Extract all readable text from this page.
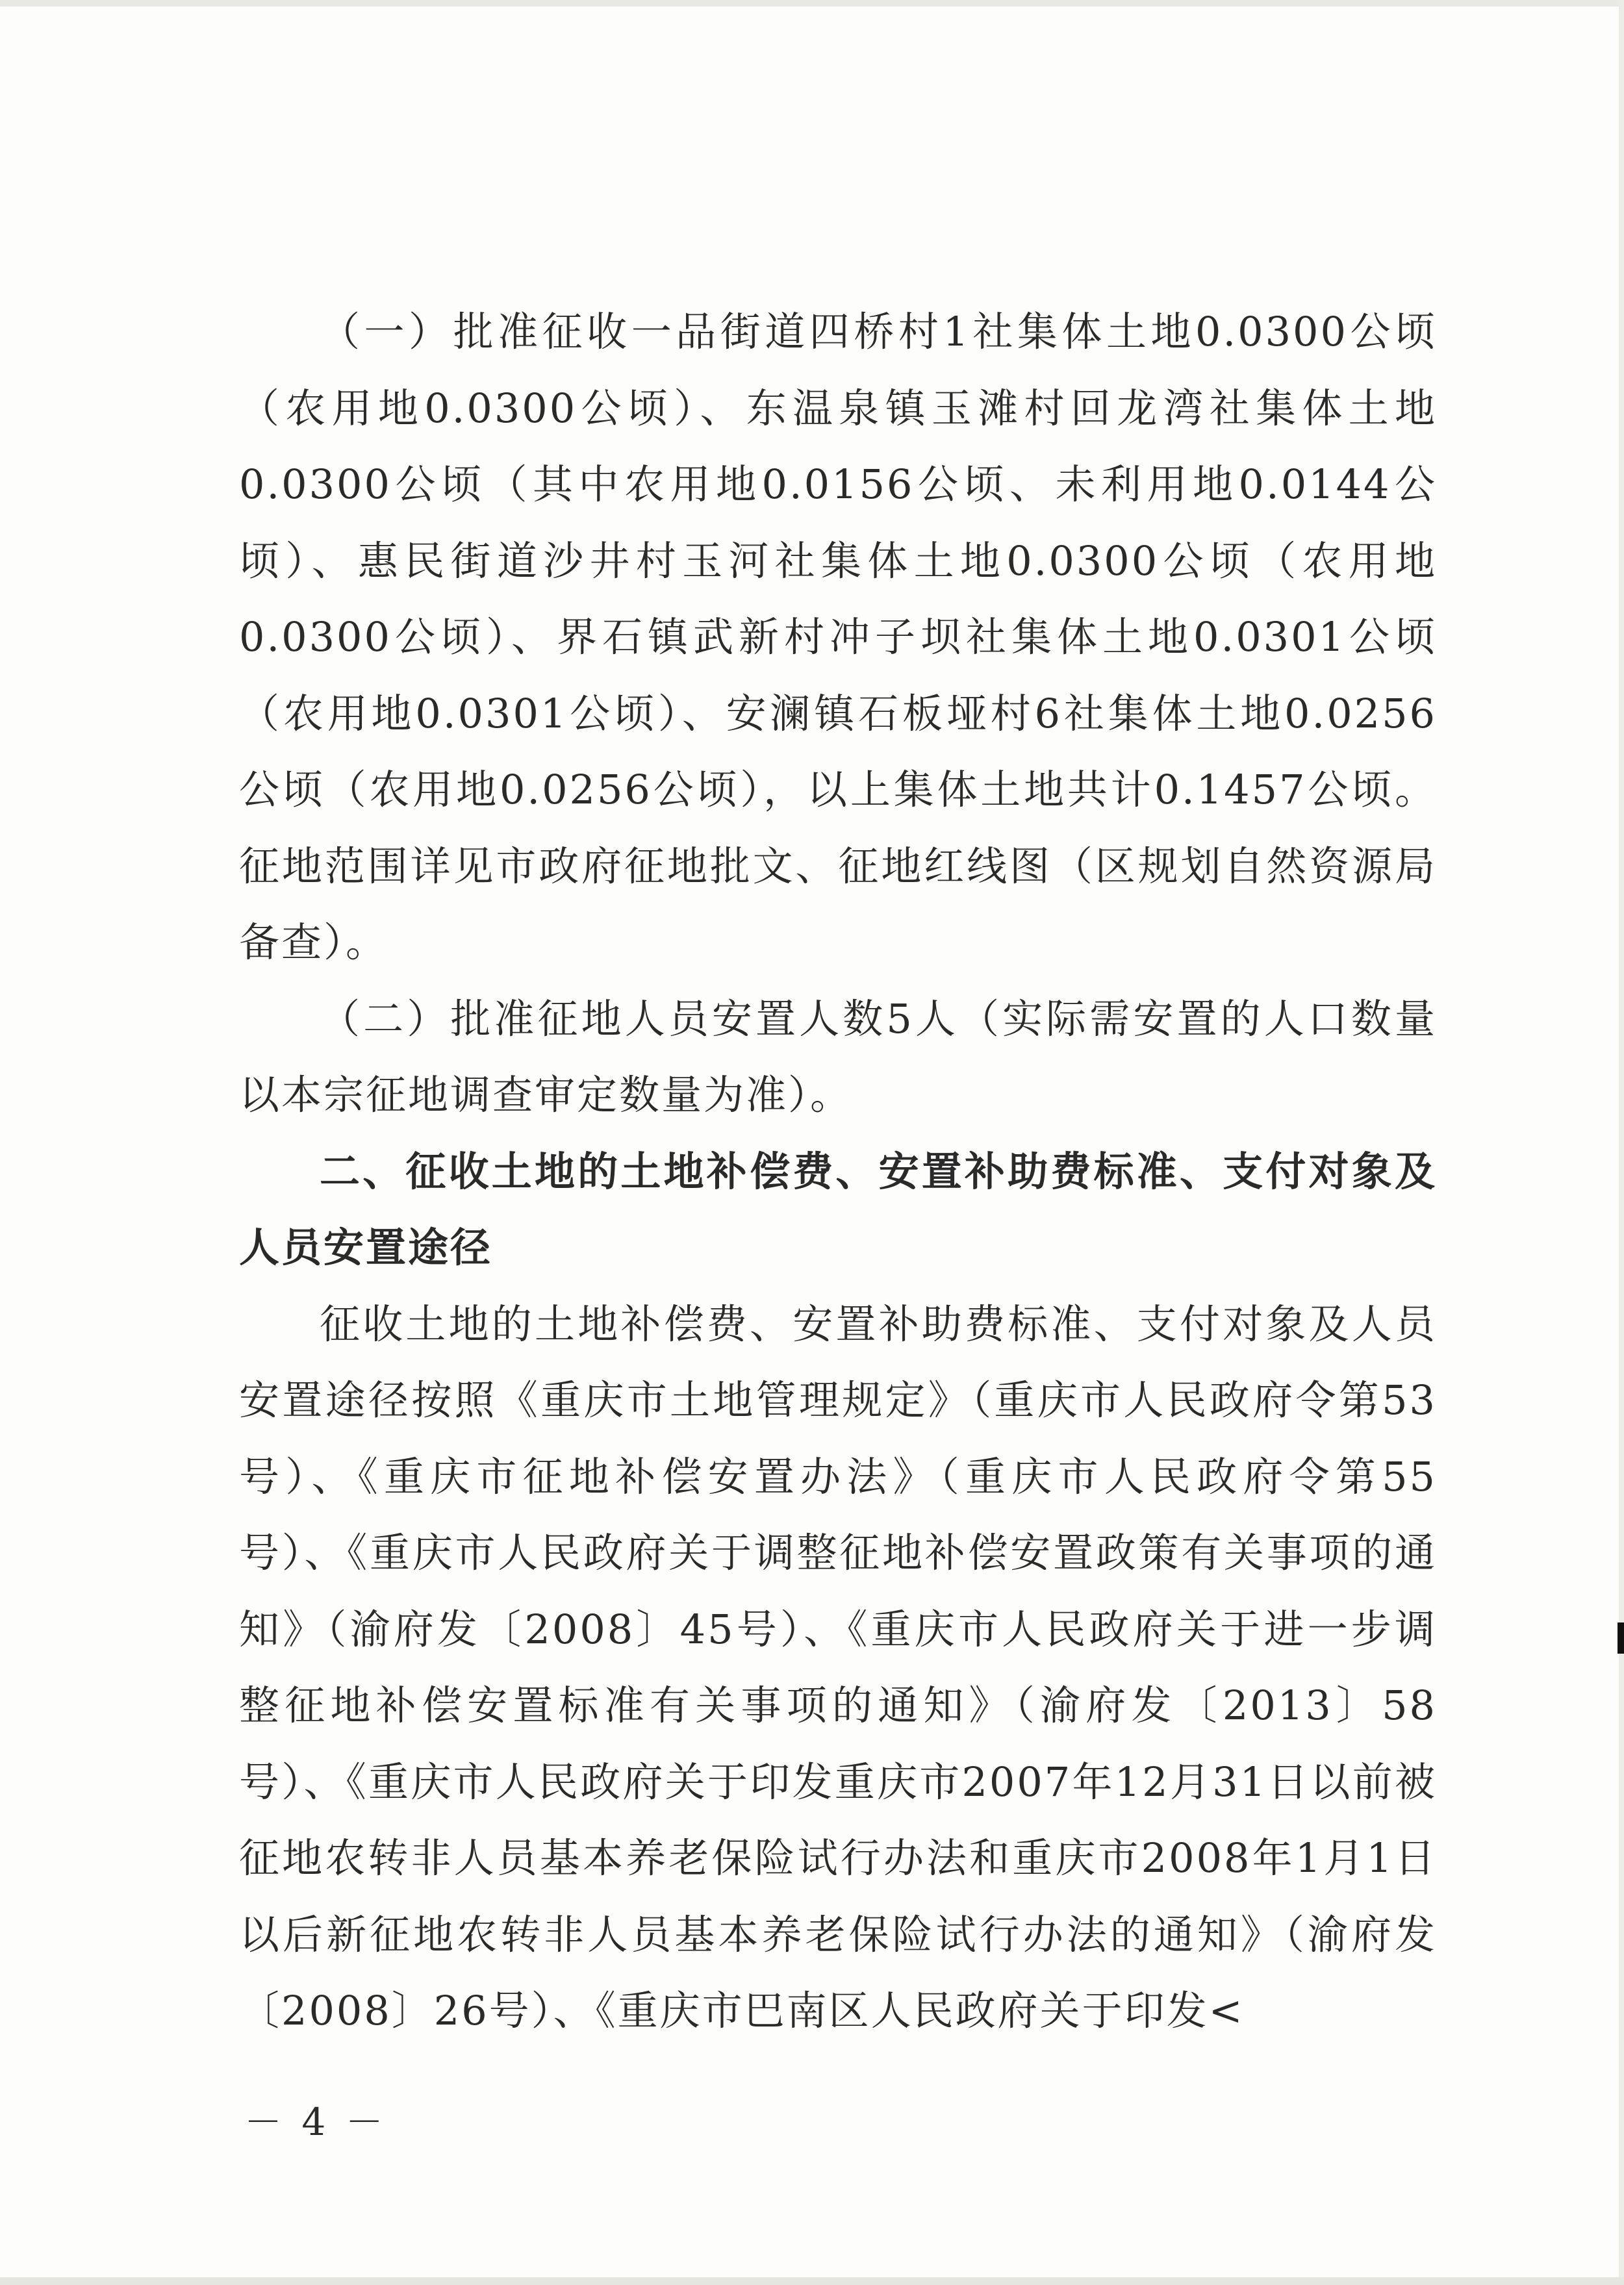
（一）批准征收一品街道四桥村1社集体土地0.0300公顷（农用地0.0300公顷）、东温泉镇玉滩村回龙湾社集体土地0.0300公顷（其中农用地0.0156公顷、未利用地0.0144公顷）、惠民街道沙井村玉河社集体土地0.0300公顷（农用地0.0300公顷）、界石镇武新村冲子坝社集体土地0.0301公顷（农用地0.0301公顷）、安澜镇石板垭村6社集体土地0.0256公顷（农用地0.0256公顷），以上集体土地共计0.1457公顷。征地范围详见市政府征地批文、征地红线图（区规划自然资源局备查）。

（二）批准征地人员安置人数5人（实际需安置的人口数量以本宗征地调查审定数量为准）。

二、征收土地的土地补偿费、安置补助费标准、支付对象及人员安置途径

征收土地的土地补偿费、安置补助费标准、支付对象及人员安置途径按照《重庆市土地管理规定》（重庆市人民政府令第53号）、《重庆市征地补偿安置办法》（重庆市人民政府令第55号）、《重庆市人民政府关于调整征地补偿安置政策有关事项的通知》（渝府发〔2008〕45号）、《重庆市人民政府关于进一步调整征地补偿安置标准有关事项的通知》（渝府发〔2013〕58号）、《重庆市人民政府关于印发重庆市2007年12月31日以前被征地农转非人员基本养老保险试行办法和重庆市2008年1月1日以后新征地农转非人员基本养老保险试行办法的通知》（渝府发〔2008〕26号）、《重庆市巴南区人民政府关于印发<

－ 4 －
